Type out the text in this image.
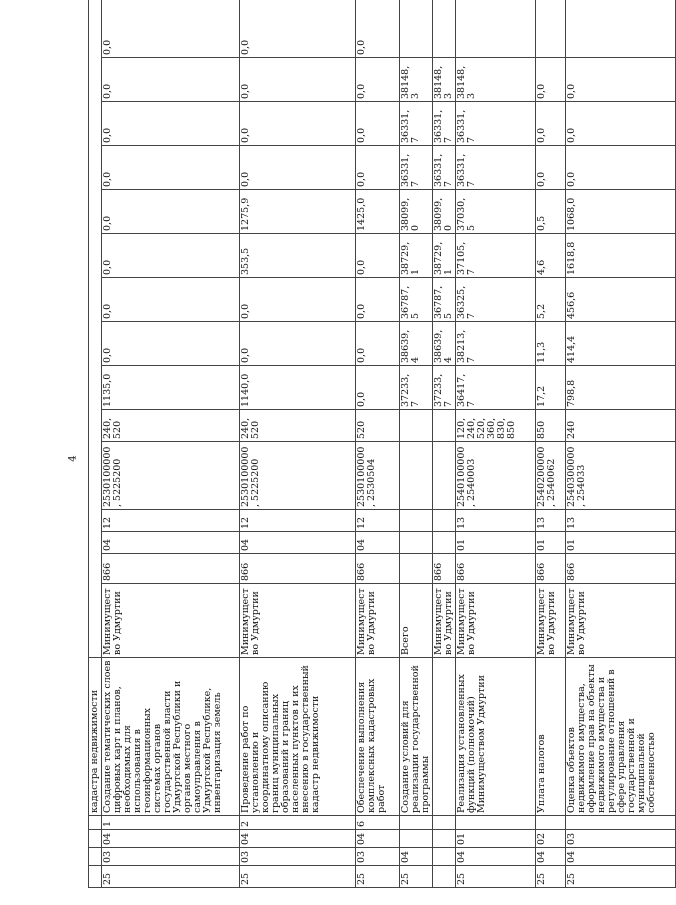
4
				кадастра недвижимости															
25	03	04	1	Создание тематических слоев цифровых карт и планов, необходимых для использования в геоинформационных системах органов государственной власти Удмуртской Республики и органов местного самоуправления в Удмуртской Республике, инвентаризация земель	Минимущество Удмуртии	866	04	12	2530100000, 5225200	240, 520	1135,0	0,0	0,0	0,0	0,0	0,0	0,0	0,0	0,0
25	03	04	2	Проведение работ по установлению и координатному описанию границ муниципальных образований и границ населенных пунктов и их внесению в государственный кадастр недвижимости	Минимущество Удмуртии	866	04	12	2530100000, 5225200	240, 520	1140,0	0,0	0,0	353,5	1275,9	0,0	0,0	0,0	0,0
25	03	04	6	Обеспечение выполнения комплексных кадастровых работ	Минимущество Удмуртии	866	04	12	2530100000, 2530504	520	0,0	0,0	0,0	0,0	1425,0	0,0	0,0	0,0	0,0
25	04			Создание условий для реализации государственной программы	Всего						37233,7	38639,4	36787,5	38729,1	38099,0	36331,7	36331,7	38148,3	
					Минимущество Удмуртии	866					37233,7	38639,4	36787,5	38729,1	38099,0	36331,7	36331,7	38148,3	
25	04	01		Реализация установленных функций (полномочий) Минимуществом Удмуртии	Минимущество Удмуртии	866	01	13	2540100000, 2540003	120, 240, 520, 360, 830, 850	36417,7	38213,7	36325,7	37105,7	37030,5	36331,7	36331,7	38148,3	
25	04	02		Уплата налогов	Минимущество Удмуртии	866	01	13	2540200000, 2540062	850	17,2	11,3	5,2	4,6	0,5	0,0	0,0	0,0	
25	04	03		Оценка объектов недвижимого имущества, оформление прав на объекты недвижимого имущества и регулирование отношений в сфере управления государственной и муниципальной собственностью	Минимущество Удмуртии	866	01	13	2540300000, 254033	240	798,8	414,4	456,6	1618,8	1068,0	0,0	0,0	0,0	
